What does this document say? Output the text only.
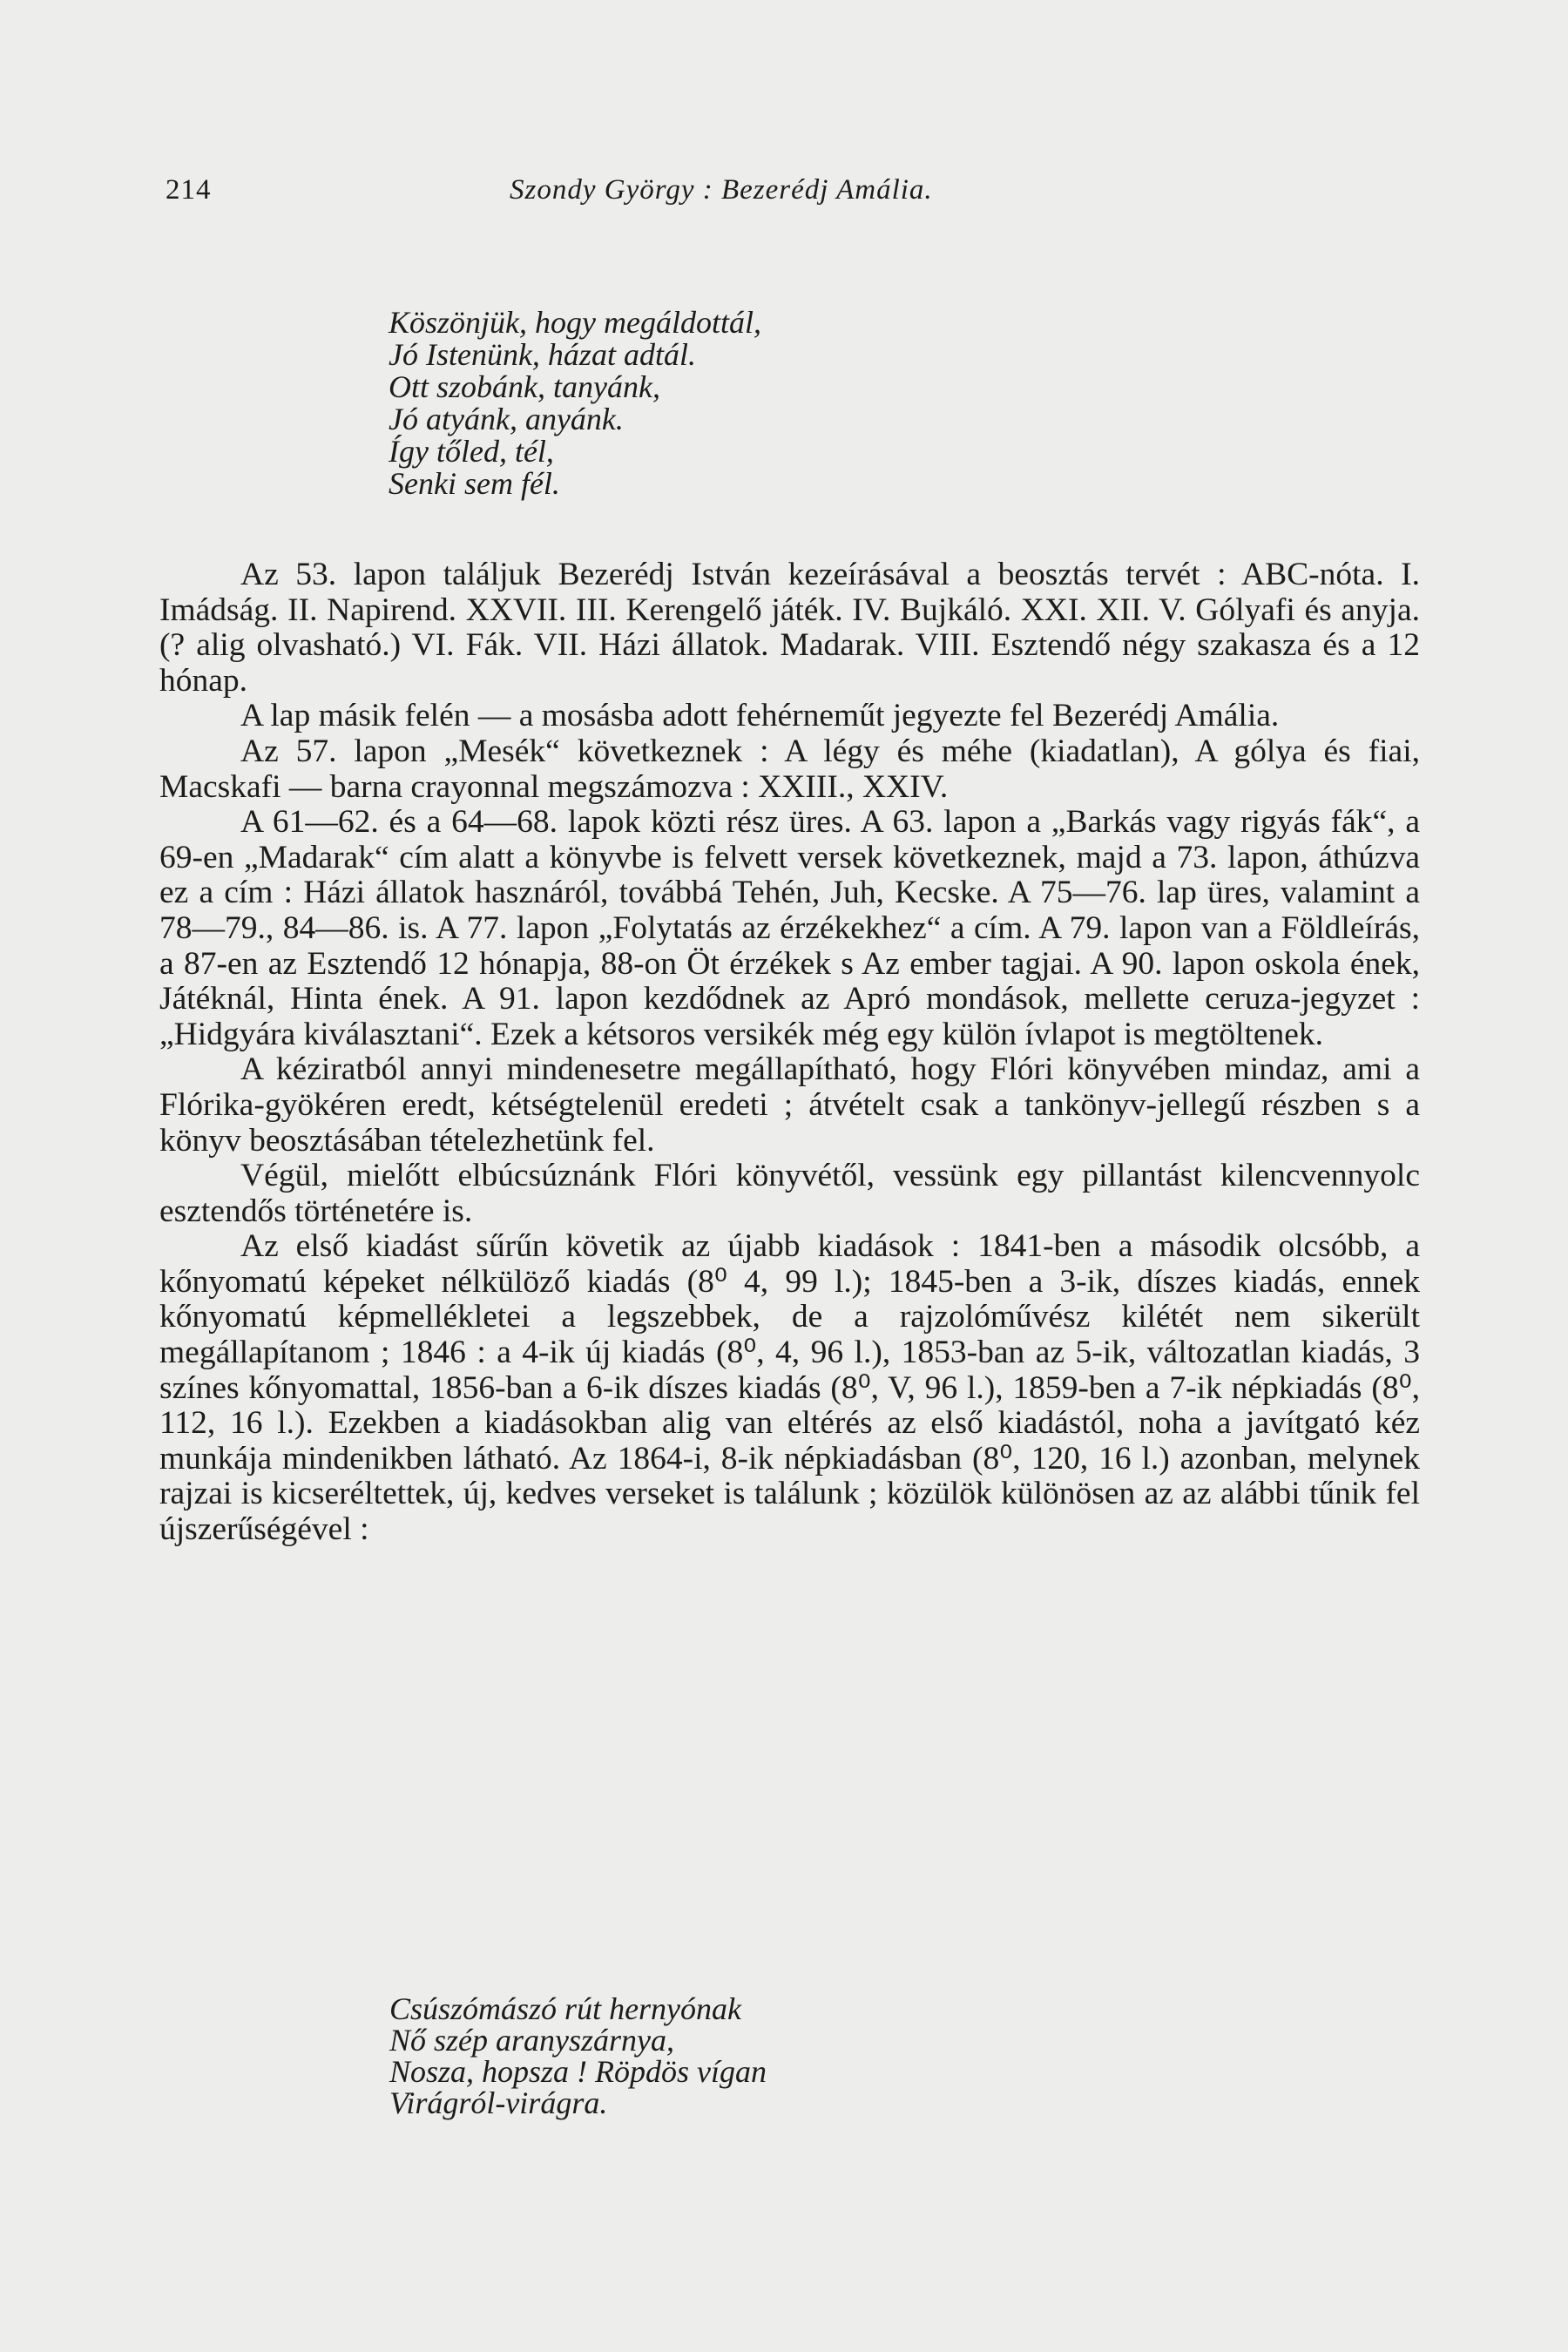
214	Szondy György : Bezerédj Amália.
Köszönjük, hogy megáldottál,
Jó Istenünk, házat adtál.
Ott szobánk, tanyánk,
Jó atyánk, anyánk.
Így tőled, tél,
Senki sem fél.

Az 53. lapon találjuk Bezerédj István kezeírásával a beosztás tervét : ABC-nóta. I. Imádság. II. Napirend. XXVII. III. Kerengelő játék. IV. Bujkáló. XXI. XII. V. Gólyafi és anyja. (? alig olvasható.) VI. Fák. VII. Házi állatok. Madarak. VIII. Esztendő négy szakasza és a 12 hónap.

A lap másik felén — a mosásba adott fehérneműt jegyezte fel Bezerédj Amália.

Az 57. lapon „Mesék“ következnek : A légy és méhe (kiadatlan), A gólya és fiai, Macskafi — barna crayonnal megszámozva : XXIII., XXIV.

A 61—62. és a 64—68. lapok közti rész üres. A 63. lapon a „Barkás vagy rigyás fák“, a 69-en „Madarak“ cím alatt a könyvbe is felvett versek következnek, majd a 73. lapon, áthúzva ez a cím : Házi állatok hasznáról, továbbá Tehén, Juh, Kecske. A 75—76. lap üres, valamint a 78—79., 84—86. is. A 77. lapon „Folytatás az érzékekhez“ a cím. A 79. lapon van a Földleírás, a 87-en az Esztendő 12 hónapja, 88-on Öt érzékek s Az ember tagjai. A 90. lapon oskola ének, Játéknál, Hinta ének. A 91. lapon kezdődnek az Apró mondások, mellette ceruza-jegyzet : „Hidgyára kiválasztani“. Ezek a kétsoros versikék még egy külön ívlapot is megtöltenek.

A kéziratból annyi mindenesetre megállapítható, hogy Flóri könyvében mindaz, ami a Flórika-gyökéren eredt, kétségtelenül eredeti ; átvételt csak a tankönyv-jellegű részben s a könyv beosztásában tételezhetünk fel.

Végül, mielőtt elbúcsúznánk Flóri könyvétől, vessünk egy pillantást kilencvennyolc esztendős történetére is.

Az első kiadást sűrűn követik az újabb kiadások : 1841-ben a második olcsóbb, a kőnyomatú képeket nélkülöző kiadás (8⁰ 4, 99 l.); 1845-ben a 3-ik, díszes kiadás, ennek kőnyomatú képmellékletei a legszebbek, de a rajzolóművész kilétét nem sikerült megállapítanom ; 1846 : a 4-ik új kiadás (8⁰, 4, 96 l.), 1853-ban az 5-ik, változatlan kiadás, 3 színes kőnyomattal, 1856-ban a 6-ik díszes kiadás (8⁰, V, 96 l.), 1859-ben a 7-ik népkiadás (8⁰, 112, 16 l.). Ezekben a kiadásokban alig van eltérés az első kiadástól, noha a javítgató kéz munkája mindenikben látható. Az 1864-i, 8-ik népkiadásban (8⁰, 120, 16 l.) azonban, melynek rajzai is kicseréltettek, új, kedves verseket is találunk ; közülök különösen az az alábbi tűnik fel újszerűségével :

Csúszómászó rút hernyónak
Nő szép aranyszárnya,
Nosza, hopsza ! Röpdös vígan
Virágról-virágra.
